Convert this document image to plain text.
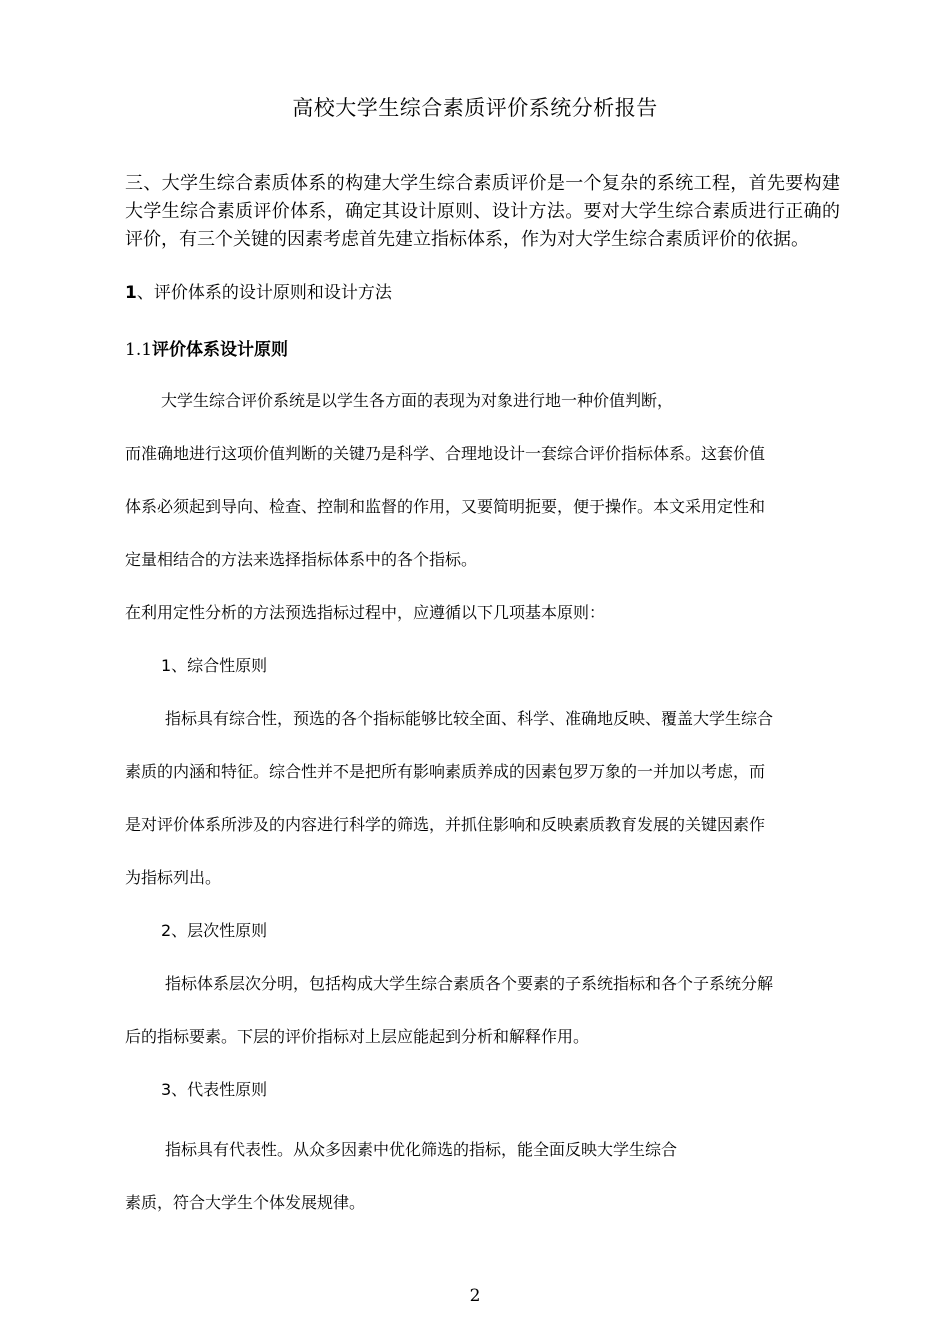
高校大学生综合素质评价系统分析报告
三、大学生综合素质体系的构建大学生综合素质评价是一个复杂的系统工程，首先要构建大学生综合素质评价体系，确定其设计原则、设计方法。要对大学生综合素质进行正确的评价，有三个关键的因素考虑首先建立指标体系，作为对大学生综合素质评价的依据。
1、评价体系的设计原则和设计方法
1.1评价体系设计原则
大学生综合评价系统是以学生各方面的表现为对象进行地一种价值判断，
而准确地进行这项价值判断的关键乃是科学、合理地设计一套综合评价指标体系。这套价值
体系必须起到导向、检查、控制和监督的作用，又要简明扼要，便于操作。本文采用定性和
定量相结合的方法来选择指标体系中的各个指标。
在利用定性分析的方法预选指标过程中，应遵循以下几项基本原则：
1、综合性原则
指标具有综合性，预选的各个指标能够比较全面、科学、准确地反映、覆盖大学生综合
素质的内涵和特征。综合性并不是把所有影响素质养成的因素包罗万象的一并加以考虑，而
是对评价体系所涉及的内容进行科学的筛选，并抓住影响和反映素质教育发展的关键因素作
为指标列出。
2、层次性原则
指标体系层次分明，包括构成大学生综合素质各个要素的子系统指标和各个子系统分解
后的指标要素。下层的评价指标对上层应能起到分析和解释作用。
3、代表性原则
指标具有代表性。从众多因素中优化筛选的指标，能全面反映大学生综合
素质，符合大学生个体发展规律。
2
